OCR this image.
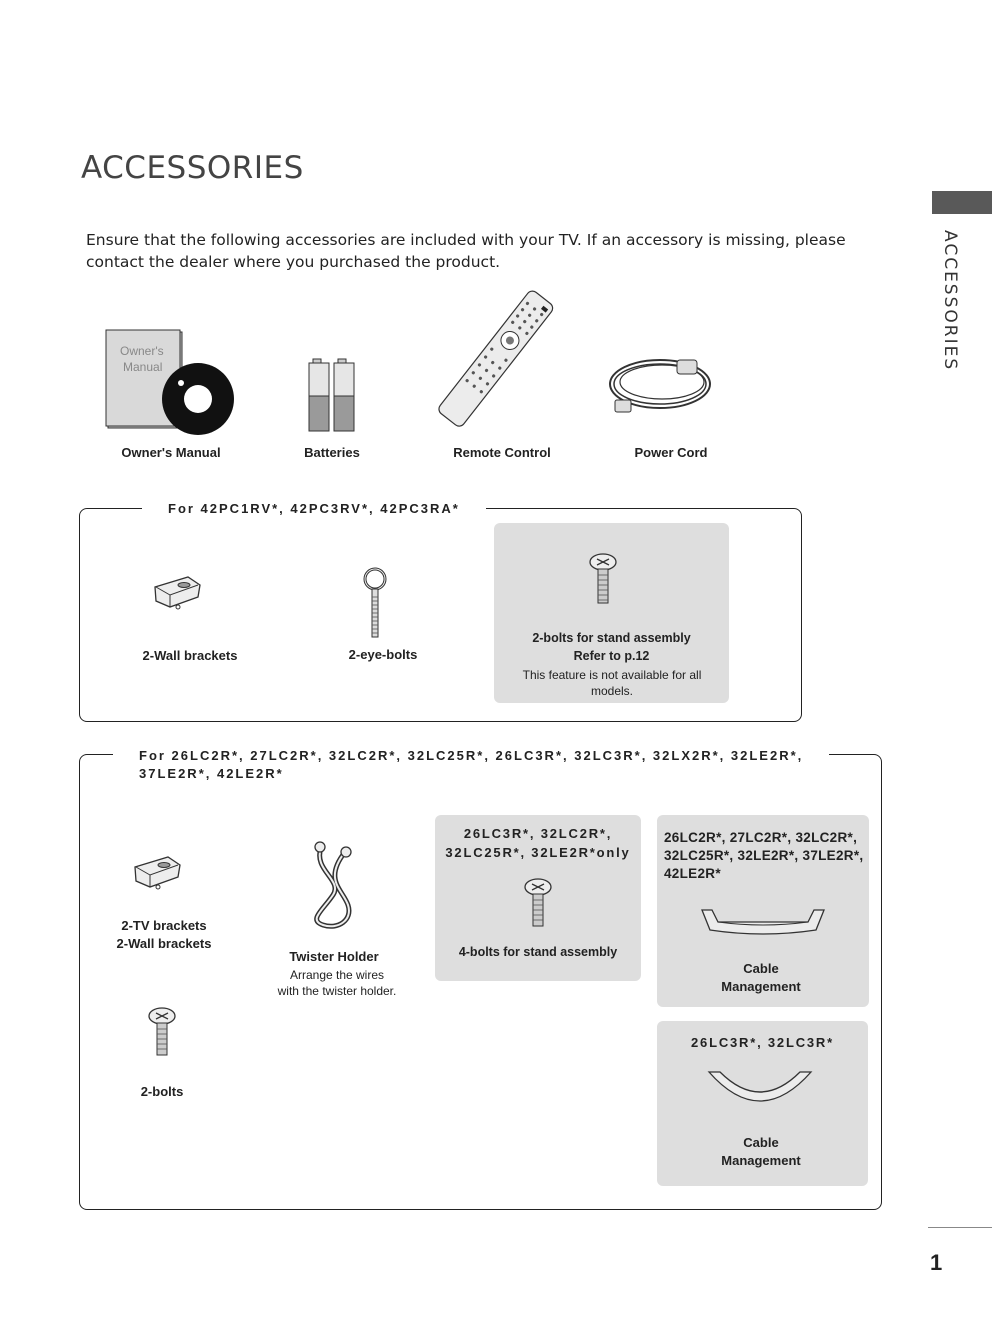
ACCESSORIES
ACCESSORIES
Ensure that the following accessories are included with your TV. If an accessory is missing, please contact the dealer where you purchased the product.
Owner's
Manual
Owner's Manual	Batteries	Remote Control	Power Cord
For 42PC1RV*, 42PC3RV*, 42PC3RA*
2-Wall brackets	2-eye-bolts
2-bolts for stand assembly
Refer to p.12
This feature is not available for all models.
For 26LC2R*, 27LC2R*, 32LC2R*, 32LC25R*, 26LC3R*, 32LC3R*, 32LX2R*, 32LE2R*,
37LE2R*, 42LE2R*
2-TV brackets
2-Wall brackets
Twister Holder
Arrange the wires
with the twister holder.
2-bolts
26LC3R*, 32LC2R*,
32LC25R*, 32LE2R*only
4-bolts for stand assembly
26LC2R*, 27LC2R*, 32LC2R*,
32LC25R*, 32LE2R*, 37LE2R*,
42LE2R*
Cable
Management
26LC3R*, 32LC3R*
Cable
Management
1
